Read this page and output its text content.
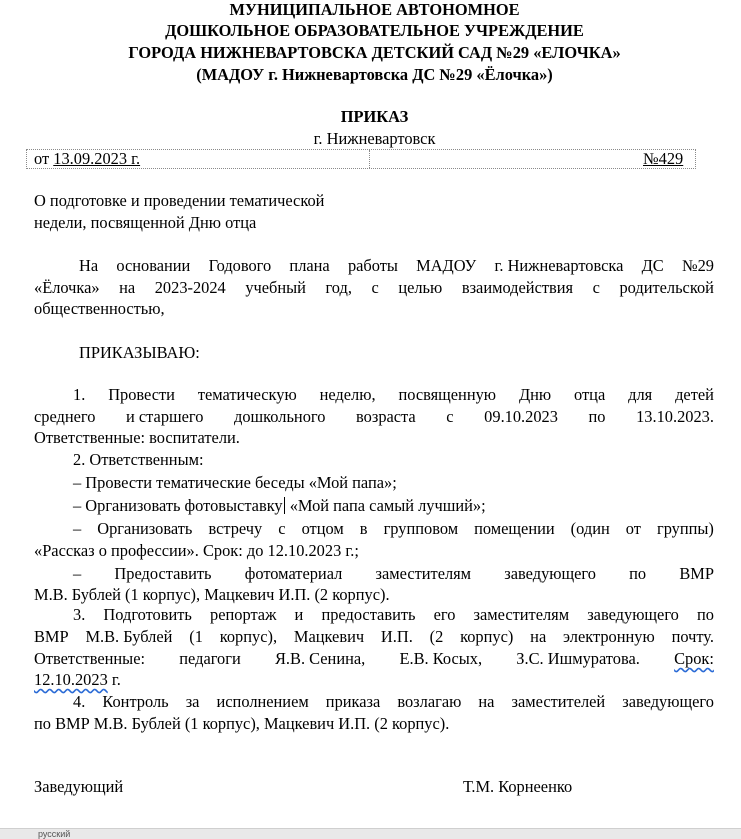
МУНИЦИПАЛЬНОЕ АВТОНОМНОЕ
ДОШКОЛЬНОЕ ОБРАЗОВАТЕЛЬНОЕ УЧРЕЖДЕНИЕ
ГОРОДА НИЖНЕВАРТОВСКА ДЕТСКИЙ САД №29 «ЕЛОЧКА»
(МАДОУ г. Нижневартовска ДС №29 «Ёлочка»)
ПРИКАЗ
г. Нижневартовск
от 13.09.2023 г.	№429
О подготовке и проведении тематической
недели, посвященной Дню отца
На основании Годового плана работы МАДОУ г. Нижневартовска ДС №29
«Ёлочка» на 2023-2024 учебный год, с целью взаимодействия с родительской
общественностью,
ПРИКАЗЫВАЮ:
1. Провести тематическую неделю, посвященную Дню отца для детей
среднего и старшего дошкольного возраста с 09.10.2023 по 13.10.2023.
Ответственные: воспитатели.
2. Ответственным:
– Провести тематические беседы «Мой папа»;
– Организовать фотовыставку «Мой папа самый лучший»;
– Организовать встречу с отцом в групповом помещении (один от группы)
«Рассказ о профессии». Срок: до 12.10.2023 г.;
– Предоставить фотоматериал заместителям заведующего по ВМР
М.В. Бублей (1 корпус), Мацкевич И.П. (2 корпус).
3. Подготовить репортаж и предоставить его заместителям заведующего по
ВМР М.В. Бублей (1 корпус), Мацкевич И.П. (2 корпус) на электронную почту.
Ответственные: педагоги Я.В. Сенина, Е.В. Косых, З.С. Ишмуратова. Срок:
12.10.2023 г.
4. Контроль за исполнением приказа возлагаю на заместителей заведующего
по ВМР М.В. Бублей (1 корпус), Мацкевич И.П. (2 корпус).
Заведующий	Т.М. Корнеенко
русский
